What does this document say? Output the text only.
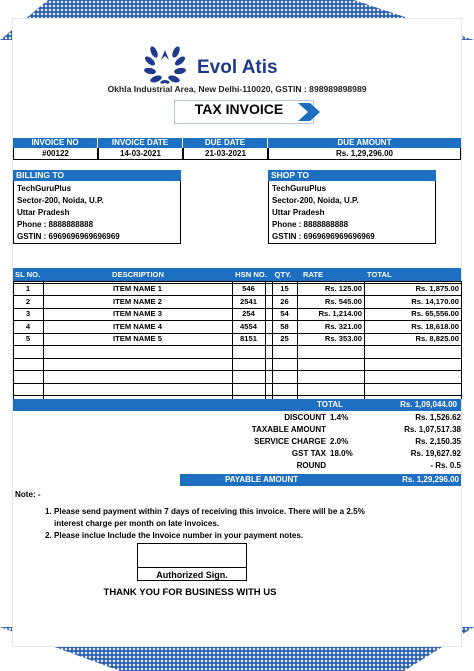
Evol Atis
Okhla Industrial Area, New Delhi-110020, GSTIN : 898989898989
TAX INVOICE
INVOICE NO	INVOICE DATE	DUE DATE	DUE AMOUNT
#00122	14-03-2021	21-03-2021	Rs. 1,29,296.00
BILLING TO
TechGuruPlus
Sector-200, Noida, U.P.
Uttar Pradesh
Phone : 8888888888
GSTIN : 6969696969696969
SHOP TO
TechGuruPlus
Sector-200, Noida, U.P.
Uttar Pradesh
Phone : 8888888888
GSTIN : 6969696969696969
SL NO.	DESCRIPTION	HSN NO.	QTY.	RATE	TOTAL
1	ITEM NAME 1	546	15	Rs. 125.00	Rs. 1,875.00
2	ITEM NAME 2	2541	26	Rs. 545.00	Rs. 14,170.00
3	ITEM NAME 3	254	54	Rs. 1,214.00	Rs. 65,556.00
4	ITEM NAME 4	4554	58	Rs. 321.00	Rs. 18,618.00
5	ITEM NAME 5	8151	25	Rs. 353.00	Rs. 8,825.00
TOTAL	Rs. 1,09,044.00
DISCOUNT 1.4%	Rs. 1,526.62
TAXABLE AMOUNT	Rs. 1,07,517.38
SERVICE CHARGE 2.0%	Rs. 2,150.35
GST TAX 18.0%	Rs. 19,627.92
ROUND	- Rs. 0.5
PAYABLE AMOUNT	Rs. 1,29,296.00
Note: -
1. Please send payment within 7 days of receiving this invoice. There will be a 2.5%
interest charge per month on late invoices.
2. Please inclue Include the Invoice number in your payment notes.
Authorized Sign.
THANK YOU FOR BUSINESS WITH US
